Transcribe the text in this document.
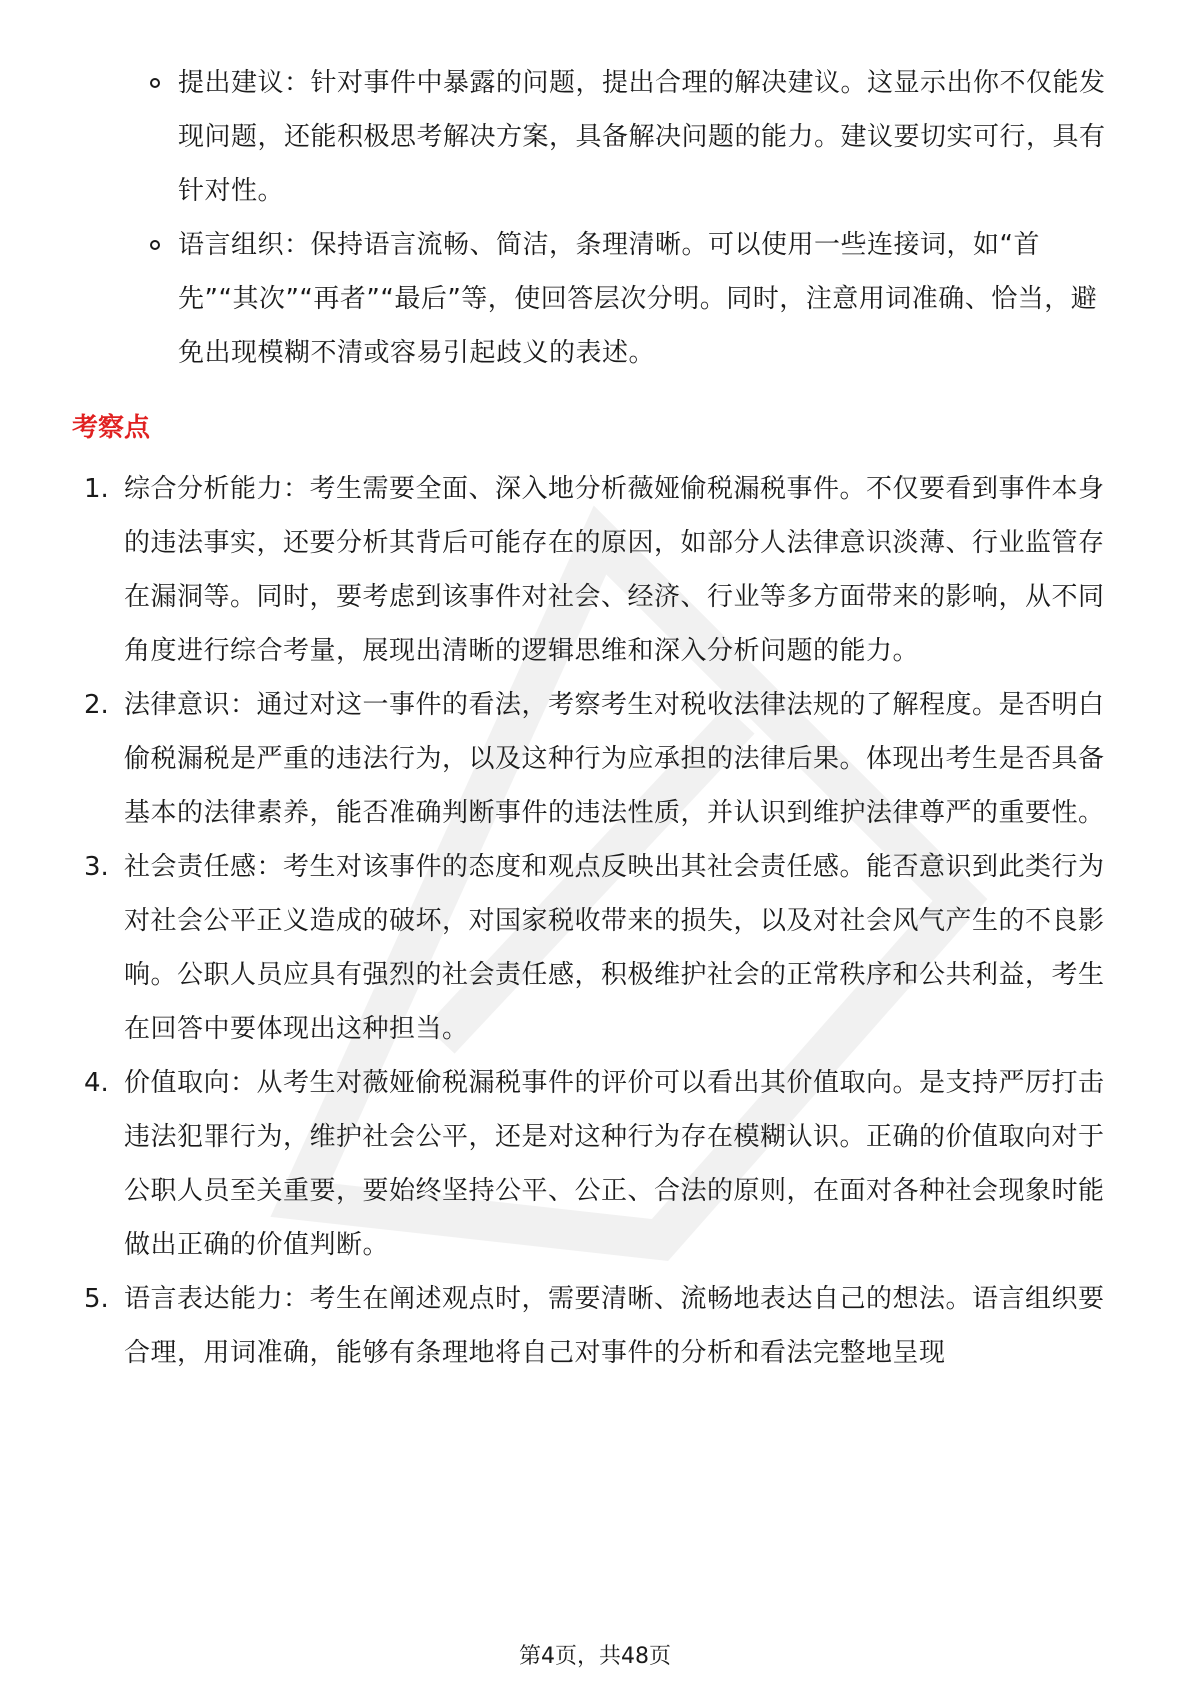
提出建议：针对事件中暴露的问题，提出合理的解决建议。这显示出你不仅能发现问题，还能积极思考解决方案，具备解决问题的能力。建议要切实可行，具有针对性。

语言组织：保持语言流畅、简洁，条理清晰。可以使用一些连接词，如“首先”“其次”“再者”“最后”等，使回答层次分明。同时，注意用词准确、恰当，避免出现模糊不清或容易引起歧义的表述。

考察点
1. 综合分析能力：考生需要全面、深入地分析薇娅偷税漏税事件。不仅要看到事件本身的违法事实，还要分析其背后可能存在的原因，如部分人法律意识淡薄、行业监管存在漏洞等。同时，要考虑到该事件对社会、经济、行业等多方面带来的影响，从不同角度进行综合考量，展现出清晰的逻辑思维和深入分析问题的能力。

2. 法律意识：通过对这一事件的看法，考察考生对税收法律法规的了解程度。是否明白偷税漏税是严重的违法行为，以及这种行为应承担的法律后果。体现出考生是否具备基本的法律素养，能否准确判断事件的违法性质，并认识到维护法律尊严的重要性。

3. 社会责任感：考生对该事件的态度和观点反映出其社会责任感。能否意识到此类行为对社会公平正义造成的破坏，对国家税收带来的损失，以及对社会风气产生的不良影响。公职人员应具有强烈的社会责任感，积极维护社会的正常秩序和公共利益，考生在回答中要体现出这种担当。

4. 价值取向：从考生对薇娅偷税漏税事件的评价可以看出其价值取向。是支持严厉打击违法犯罪行为，维护社会公平，还是对这种行为存在模糊认识。正确的价值取向对于公职人员至关重要，要始终坚持公平、公正、合法的原则，在面对各种社会现象时能做出正确的价值判断。

5. 语言表达能力：考生在阐述观点时，需要清晰、流畅地表达自己的想法。语言组织要合理，用词准确，能够有条理地将自己对事件的分析和看法完整地呈现

第4页，共48页
